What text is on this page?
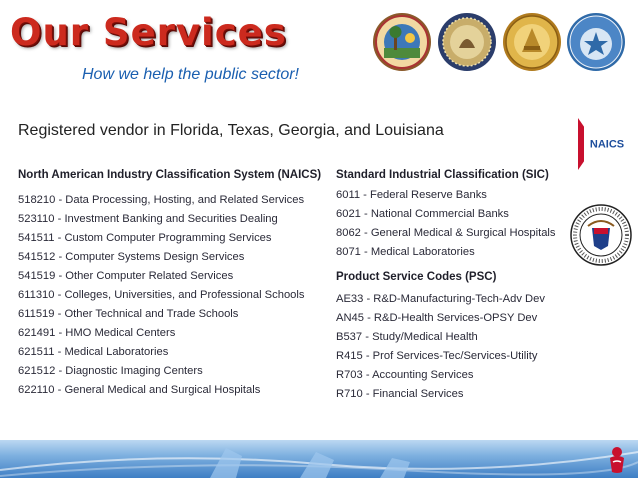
Our Services
How we help the public sector!
Registered vendor in Florida, Texas, Georgia, and Louisiana
NAICS
North American Industry Classification System (NAICS)
518210 - Data Processing, Hosting, and Related Services
523110 - Investment Banking and Securities Dealing
541511 - Custom Computer Programming Services
541512 - Computer Systems Design Services
541519 - Other Computer Related Services
611310 - Colleges, Universities, and Professional Schools
611519 - Other Technical and Trade Schools
621491 - HMO Medical Centers
621511 - Medical Laboratories
621512 - Diagnostic Imaging Centers
622110 - General Medical and Surgical Hospitals
Standard Industrial Classification (SIC)
6011 - Federal Reserve Banks
6021 - National Commercial Banks
8062 - General Medical & Surgical Hospitals
8071 - Medical Laboratories
Product Service Codes (PSC)
AE33 - R&D-Manufacturing-Tech-Adv Dev
AN45 - R&D-Health Services-OPSY Dev
B537 - Study/Medical Health
R415 - Prof Services-Tec/Services-Utility
R703 - Accounting Services
R710 - Financial Services
